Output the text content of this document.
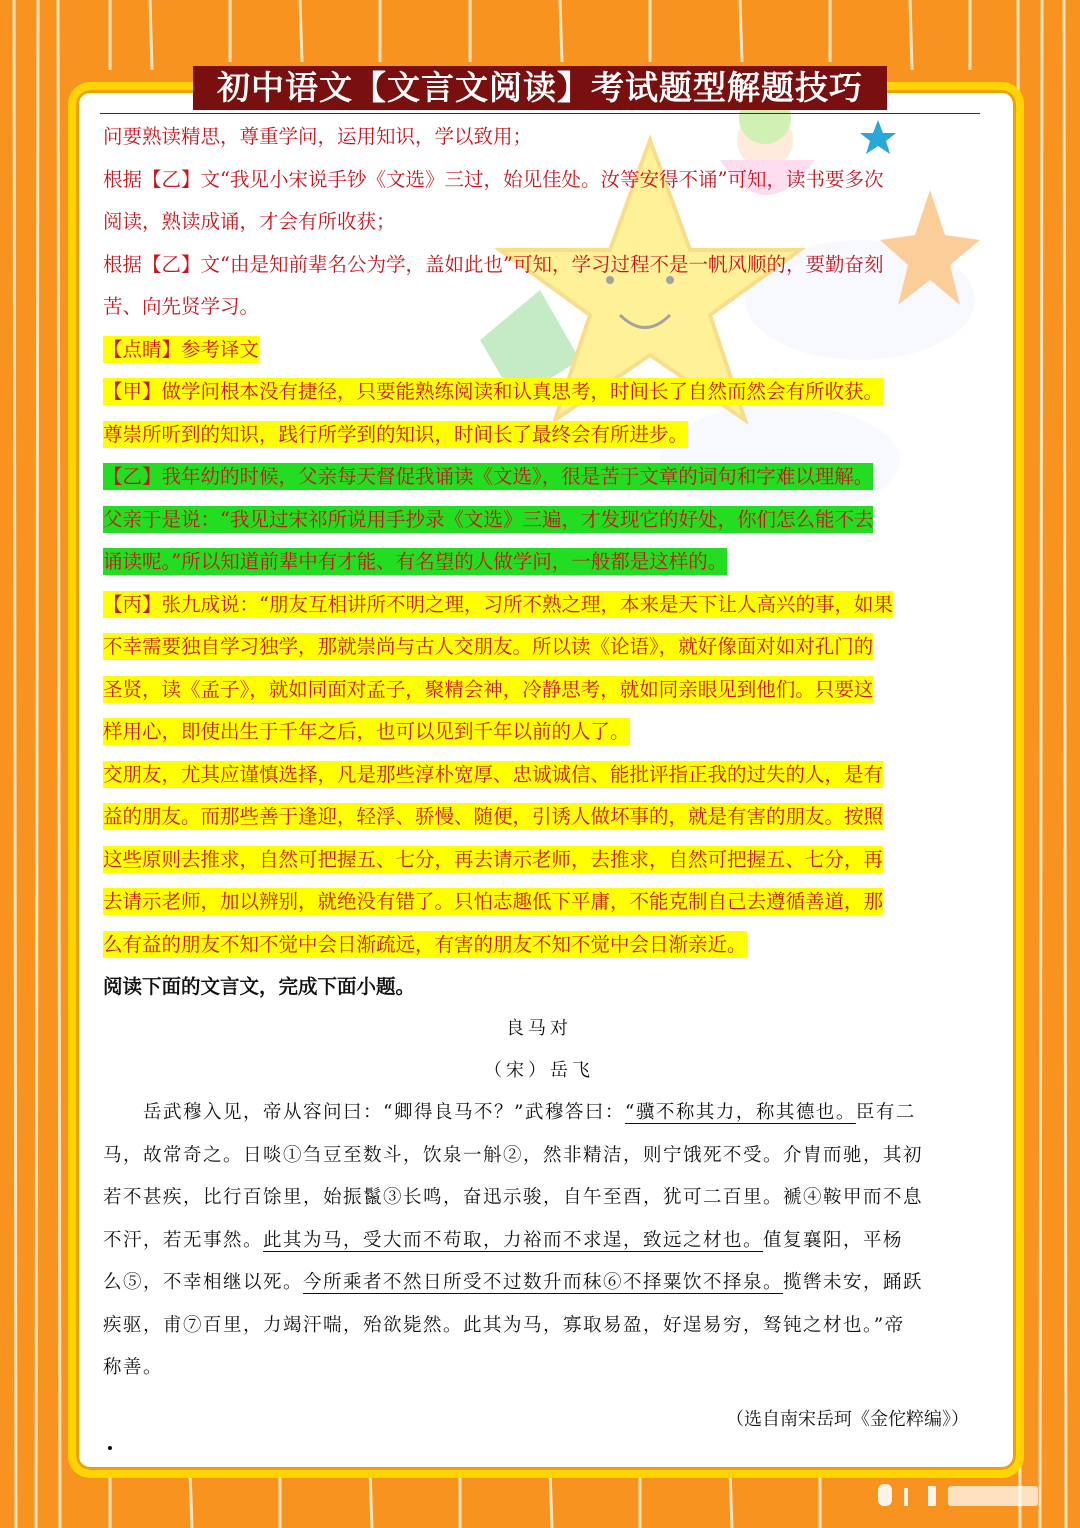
初中语文【文言文阅读】考试题型解题技巧
问要熟读精思，尊重学问，运用知识，学以致用；
根据【乙】文“我见小宋说手钞《文选》三过，始见佳处。汝等安得不诵”可知，读书要多次
阅读，熟读成诵，才会有所收获；
根据【乙】文“由是知前辈名公为学，盖如此也”可知，学习过程不是一帆风顺的，要勤奋刻
苦、向先贤学习。
【点睛】参考译文
【甲】做学问根本没有捷径，只要能熟练阅读和认真思考，时间长了自然而然会有所收获。
尊崇所听到的知识，践行所学到的知识，时间长了最终会有所进步。
【乙】我年幼的时候，父亲每天督促我诵读《文选》，很是苦于文章的词句和字难以理解。
父亲于是说：“我见过宋祁所说用手抄录《文选》三遍，才发现它的好处，你们怎么能不去
诵读呢。”所以知道前辈中有才能、有名望的人做学问，一般都是这样的。
【丙】张九成说：“朋友互相讲所不明之理，习所不熟之理，本来是天下让人高兴的事，如果
不幸需要独自学习独学，那就崇尚与古人交朋友。所以读《论语》，就好像面对如对孔门的
圣贤，读《孟子》，就如同面对孟子，聚精会神，冷静思考，就如同亲眼见到他们。只要这
样用心，即使出生于千年之后，也可以见到千年以前的人了。
交朋友，尤其应谨慎选择，凡是那些淳朴宽厚、忠诚诚信、能批评指正我的过失的人，是有
益的朋友。而那些善于逢迎，轻浮、骄慢、随便，引诱人做坏事的，就是有害的朋友。按照
这些原则去推求，自然可把握五、七分，再去请示老师，去推求，自然可把握五、七分，再
去请示老师，加以辨别，就绝没有错了。只怕志趣低下平庸，不能克制自己去遵循善道，那
么有益的朋友不知不觉中会日渐疏远，有害的朋友不知不觉中会日渐亲近。
阅读下面的文言文，完成下面小题。
良马对
（宋）岳飞
　　岳武穆入见，帝从容问曰：“卿得良马不？”武穆答曰：“骥不称其力，称其德也。臣有二
马，故常奇之。日啖①刍豆至数斗，饮泉一斛②，然非精洁，则宁饿死不受。介胄而驰，其初
若不甚疾，比行百馀里，始振鬣③长鸣，奋迅示骏，自午至酉，犹可二百里。褫④鞍甲而不息
不汗，若无事然。此其为马，受大而不苟取，力裕而不求逞，致远之材也。值复襄阳，平杨
么⑤，不幸相继以死。今所乘者不然日所受不过数升而秣⑥不择粟饮不择泉。揽辔未安，踊跃
疾驱，甫⑦百里，力竭汗喘，殆欲毙然。此其为马，寡取易盈，好逞易穷，驽钝之材也。”帝
称善。
（选自南宋岳珂《金佗粹编》）
